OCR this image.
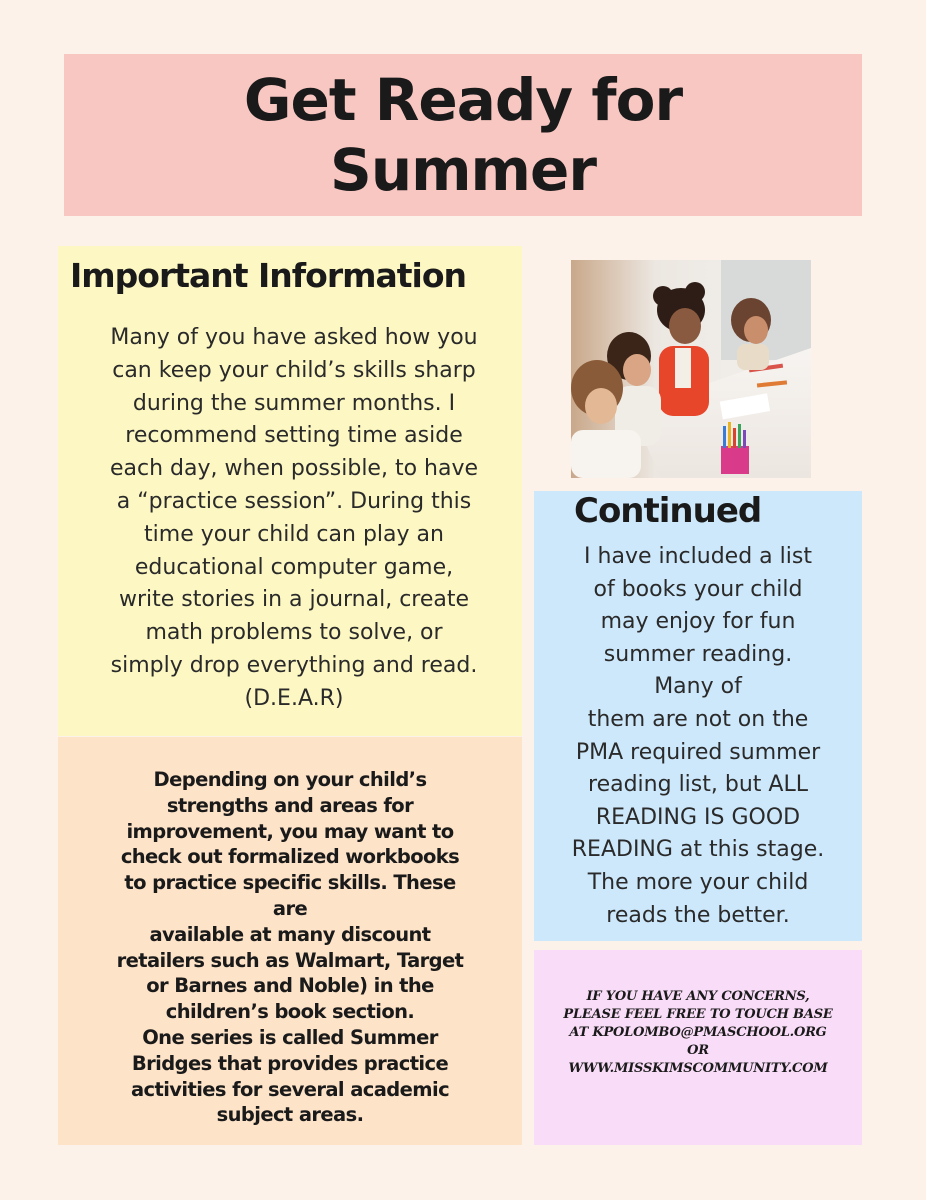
Get Ready for
Summer
Important Information

Many of you have asked how you
can keep your child’s skills sharp
during the summer months. I
recommend setting time aside
each day, when possible, to have
a “practice session”. During this
time your child can play an
educational computer game,
write stories in a journal, create
math problems to solve, or
simply drop everything and read.
(D.E.A.R)

Depending on your child’s
strengths and areas for
improvement, you may want to
check out formalized workbooks
to practice specific skills. These
are
available at many discount
retailers such as Walmart, Target
or Barnes and Noble) in the
children’s book section.
One series is called Summer
Bridges that provides practice
activities for several academic
subject areas.

Continued

I have included a list
of books your child
may enjoy for fun
summer reading.
Many of
them are not on the
PMA required summer
reading list, but ALL
READING IS GOOD
READING at this stage.
The more your child
reads the better.

IF YOU HAVE ANY CONCERNS,
PLEASE FEEL FREE TO TOUCH BASE
AT KPOLOMBO@PMASCHOOL.ORG
OR
WWW.MISSKIMSCOMMUNITY.COM
